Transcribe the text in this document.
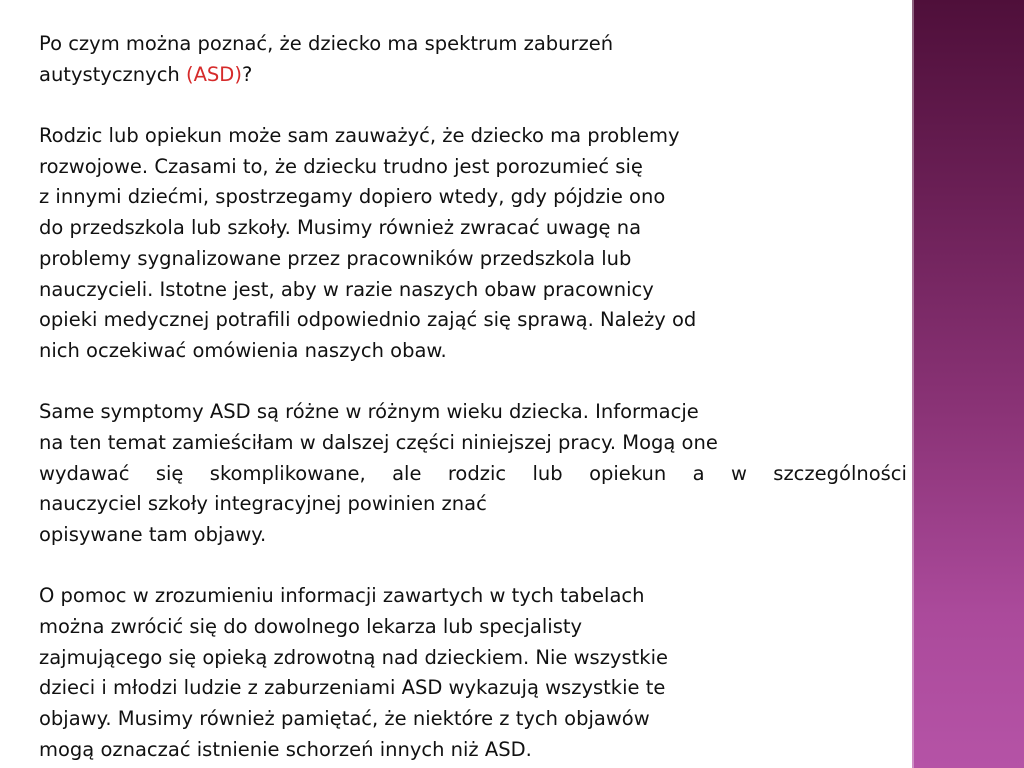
Po czym można poznać, że dziecko ma spektrum zaburzeń
autystycznych (ASD)?
Rodzic lub opiekun może sam zauważyć, że dziecko ma problemy
rozwojowe. Czasami to, że dziecku trudno jest porozumieć się
z innymi dziećmi, spostrzegamy dopiero wtedy, gdy pójdzie ono
do przedszkola lub szkoły. Musimy również zwracać uwagę na
problemy sygnalizowane przez pracowników przedszkola lub
nauczycieli. Istotne jest, aby w razie naszych obaw pracownicy
opieki medycznej potrafili odpowiednio zająć się sprawą. Należy od
nich oczekiwać omówienia naszych obaw.
Same symptomy ASD są różne w różnym wieku dziecka. Informacje
na ten temat zamieściłam w dalszej części niniejszej pracy. Mogą one
wydawać się skomplikowane, ale rodzic lub opiekun a w szczególności
nauczyciel szkoły integracyjnej powinien znać
opisywane tam objawy.
O pomoc w zrozumieniu informacji zawartych w tych tabelach
można zwrócić się do dowolnego lekarza lub specjalisty
zajmującego się opieką zdrowotną nad dzieckiem. Nie wszystkie
dzieci i młodzi ludzie z zaburzeniami ASD wykazują wszystkie te
objawy. Musimy również pamiętać, że niektóre z tych objawów
mogą oznaczać istnienie schorzeń innych niż ASD.
